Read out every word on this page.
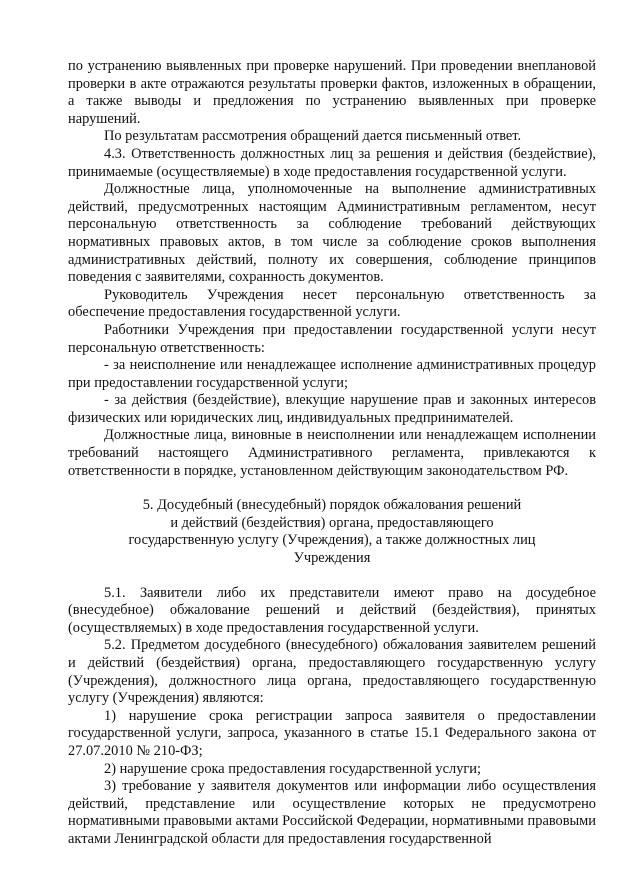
по устранению выявленных при проверке нарушений. При проведении внеплановой проверки в акте отражаются результаты проверки фактов, изложенных в обращении, а также выводы и предложения по устранению выявленных при проверке нарушений.

По результатам рассмотрения обращений дается письменный ответ.

4.3. Ответственность должностных лиц за решения и действия (бездействие), принимаемые (осуществляемые) в ходе предоставления государственной услуги.

Должностные лица, уполномоченные на выполнение административных действий, предусмотренных настоящим Административным регламентом, несут персональную ответственность за соблюдение требований действующих нормативных правовых актов, в том числе за соблюдение сроков выполнения административных действий, полноту их совершения, соблюдение принципов поведения с заявителями, сохранность документов.

Руководитель Учреждения несет персональную ответственность за обеспечение предоставления государственной услуги.

Работники Учреждения при предоставлении государственной услуги несут персональную ответственность:

- за неисполнение или ненадлежащее исполнение административных процедур при предоставлении государственной услуги;

- за действия (бездействие), влекущие нарушение прав и законных интересов физических или юридических лиц, индивидуальных предпринимателей.

Должностные лица, виновные в неисполнении или ненадлежащем исполнении требований настоящего Административного регламента, привлекаются к ответственности в порядке, установленном действующим законодательством РФ.

5. Досудебный (внесудебный) порядок обжалования решений

и действий (бездействия) органа, предоставляющего

государственную услугу (Учреждения), а также должностных лиц

Учреждения

5.1. Заявители либо их представители имеют право на досудебное (внесудебное) обжалование решений и действий (бездействия), принятых (осуществляемых) в ходе предоставления государственной услуги.

5.2. Предметом досудебного (внесудебного) обжалования заявителем решений и действий (бездействия) органа, предоставляющего государственную услугу (Учреждения), должностного лица органа, предоставляющего государственную услугу (Учреждения) являются:

1) нарушение срока регистрации запроса заявителя о предоставлении государственной услуги, запроса, указанного в статье 15.1 Федерального закона от 27.07.2010 № 210-ФЗ;

2) нарушение срока предоставления государственной услуги;

3) требование у заявителя документов или информации либо осуществления действий, представление или осуществление которых не предусмотрено нормативными правовыми актами Российской Федерации, нормативными правовыми актами Ленинградской области для предоставления государственной
